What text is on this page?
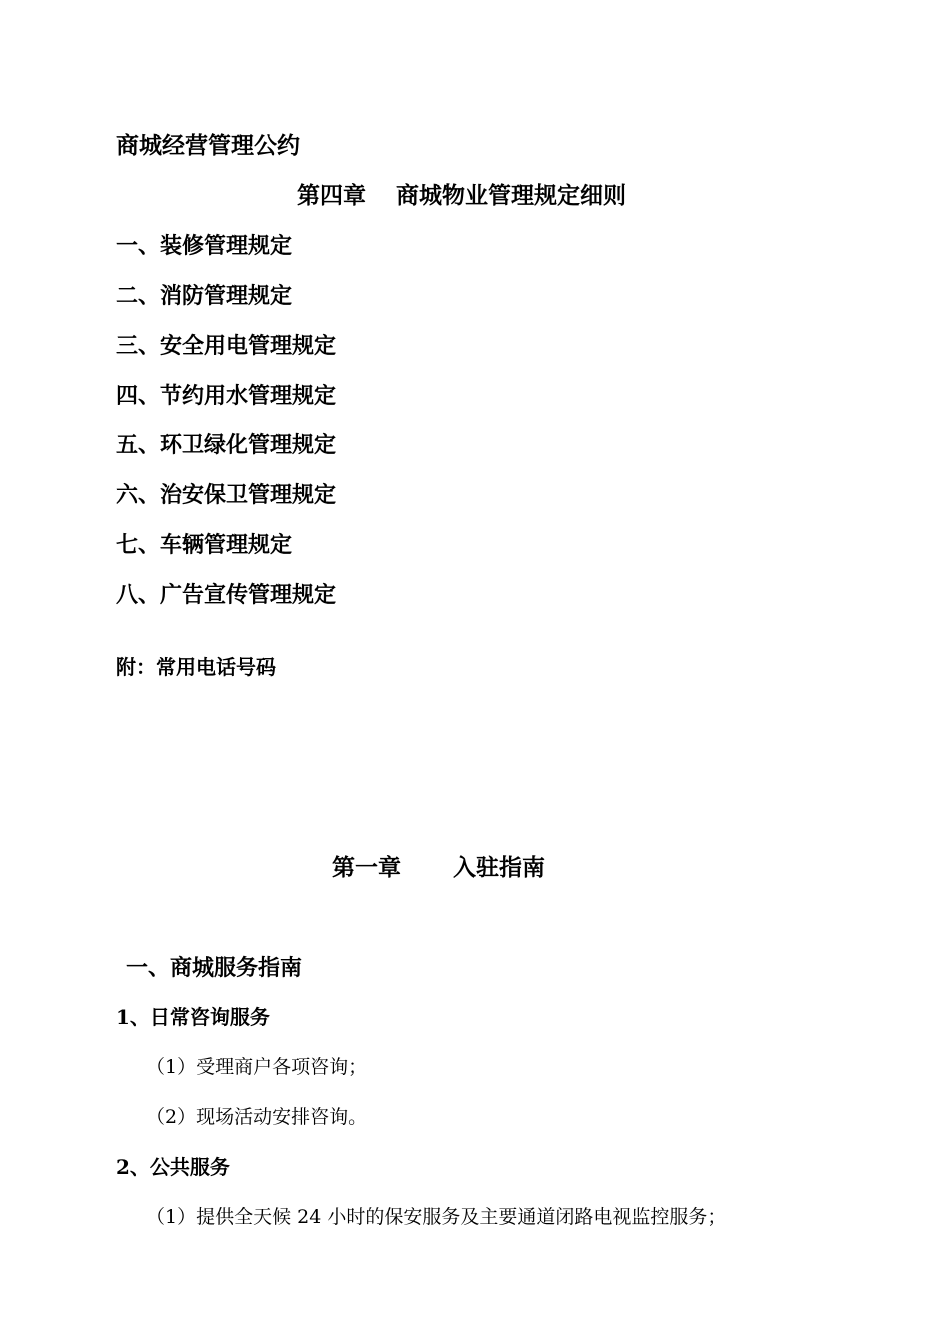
商城经营管理公约
第四章 商城物业管理规定细则
一、装修管理规定
二、消防管理规定
三、安全用电管理规定
四、节约用水管理规定
五、环卫绿化管理规定
六、治安保卫管理规定
七、车辆管理规定
八、广告宣传管理规定
附：常用电话号码
第一章 入驻指南
一、商城服务指南
1、日常咨询服务
（1）受理商户各项咨询；
（2）现场活动安排咨询。
2、公共服务
（1）提供全天候 24 小时的保安服务及主要通道闭路电视监控服务；
